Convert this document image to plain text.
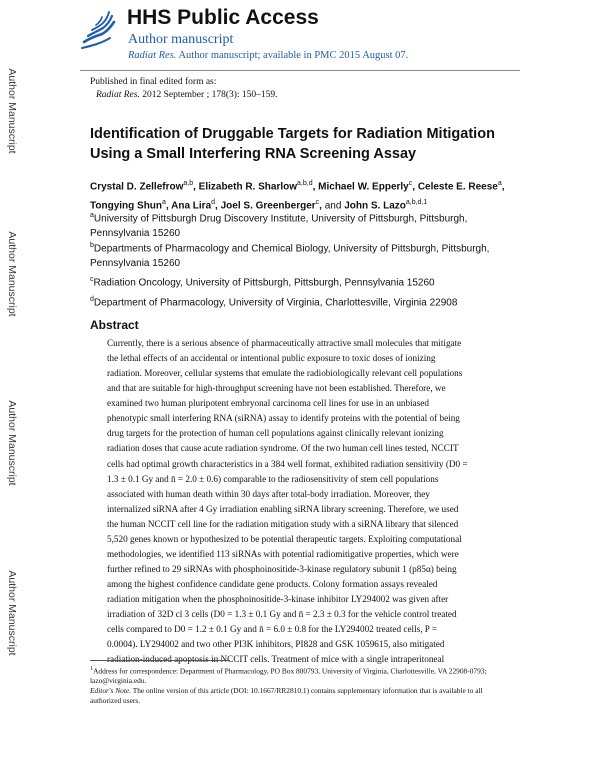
Author Manuscript
Author Manuscript
Author Manuscript
Author Manuscript
HHS Public Access
Author manuscript
Radiat Res. Author manuscript; available in PMC 2015 August 07.
Published in final edited form as:
Radiat Res. 2012 September ; 178(3): 150–159.
Identification of Druggable Targets for Radiation Mitigation
Using a Small Interfering RNA Screening Assay
Crystal D. Zellefrow$^{a,b}$, Elizabeth R. Sharlow$^{a,b,d}$, Michael W. Epperly$^c$, Celeste E. Reese$^a$,
Tongying Shun$^a$, Ana Lira$^d$, Joel S. Greenberger$^c$, and John S. Lazo$^{a,b,d,1}$
$^a$University of Pittsburgh Drug Discovery Institute, University of Pittsburgh, Pittsburgh, Pennsylvania 15260
$^b$Departments of Pharmacology and Chemical Biology, University of Pittsburgh, Pittsburgh, Pennsylvania 15260
$^c$Radiation Oncology, University of Pittsburgh, Pittsburgh, Pennsylvania 15260
$^d$Department of Pharmacology, University of Virginia, Charlottesville, Virginia 22908
Abstract
Currently, there is a serious absence of pharmaceutically attractive small molecules that mitigate
the lethal effects of an accidental or intentional public exposure to toxic doses of ionizing
radiation. Moreover, cellular systems that emulate the radiobiologically relevant cell populations
and that are suitable for high-throughput screening have not been established. Therefore, we
examined two human pluripotent embryonal carcinoma cell lines for use in an unbiased
phenotypic small interfering RNA (siRNA) assay to identify proteins with the potential of being
drug targets for the protection of human cell populations against clinically relevant ionizing
radiation doses that cause acute radiation syndrome. Of the two human cell lines tested, NCCIT
cells had optimal growth characteristics in a 384 well format, exhibited radiation sensitivity (D0 =
1.3 ± 0.1 Gy and n̄ = 2.0 ± 0.6) comparable to the radiosensitivity of stem cell populations
associated with human death within 30 days after total-body irradiation. Moreover, they
internalized siRNA after 4 Gy irradiation enabling siRNA library screening. Therefore, we used
the human NCCIT cell line for the radiation mitigation study with a siRNA library that silenced
5,520 genes known or hypothesized to be potential therapeutic targets. Exploiting computational
methodologies, we identified 113 siRNAs with potential radiomitigative properties, which were
further refined to 29 siRNAs with phosphoinositide-3-kinase regulatory subunit 1 (p85α) being
among the highest confidence candidate gene products. Colony formation assays revealed
radiation mitigation when the phosphoinositide-3-kinase inhibitor LY294002 was given after
irradiation of 32D cl 3 cells (D0 = 1.3 ± 0.1 Gy and n̄ = 2.3 ± 0.3 for the vehicle control treated
cells compared to D0 = 1.2 ± 0.1 Gy and n̄ = 6.0 ± 0.8 for the LY294002 treated cells, P =
0.0004). LY294002 and two other PI3K inhibitors, PI828 and GSK 1059615, also mitigated
radiation-induced apoptosis in NCCIT cells. Treatment of mice with a single intraperitoneal
$^1$Address for correspondence: Department of Pharmacology, PO Box 800793, University of Virginia, Charlottesville, VA 22908-0793;
lazo@virginia.edu.
Editor's Note. The online version of this article (DOI: 10.1667/RR2810.1) contains supplementary information that is available to all
authorized users.
